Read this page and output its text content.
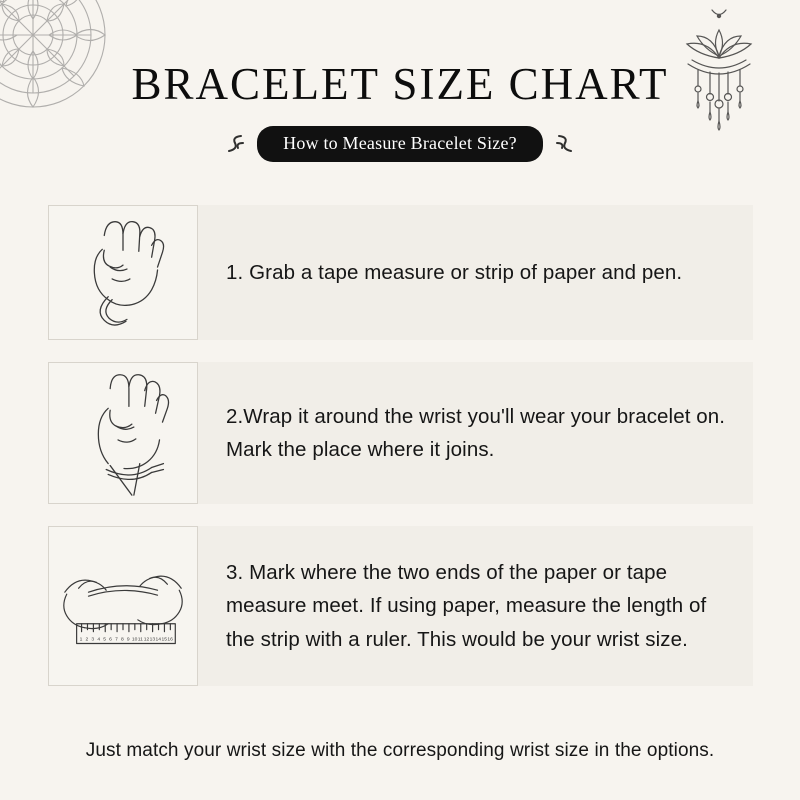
BRACELET SIZE CHART
How to Measure Bracelet Size?
1. Grab a tape measure or strip of paper and pen.
2.Wrap it around the wrist you'll wear your bracelet on. Mark the place where it joins.
1 2 3 4 5 6 7 8 9 10 11 12 13 14 15 16
3. Mark where the two ends of the paper or tape measure meet. If using paper, measure the length of the strip with a ruler. This would be your wrist size.
Just match your wrist size with the corresponding wrist size in the options.
